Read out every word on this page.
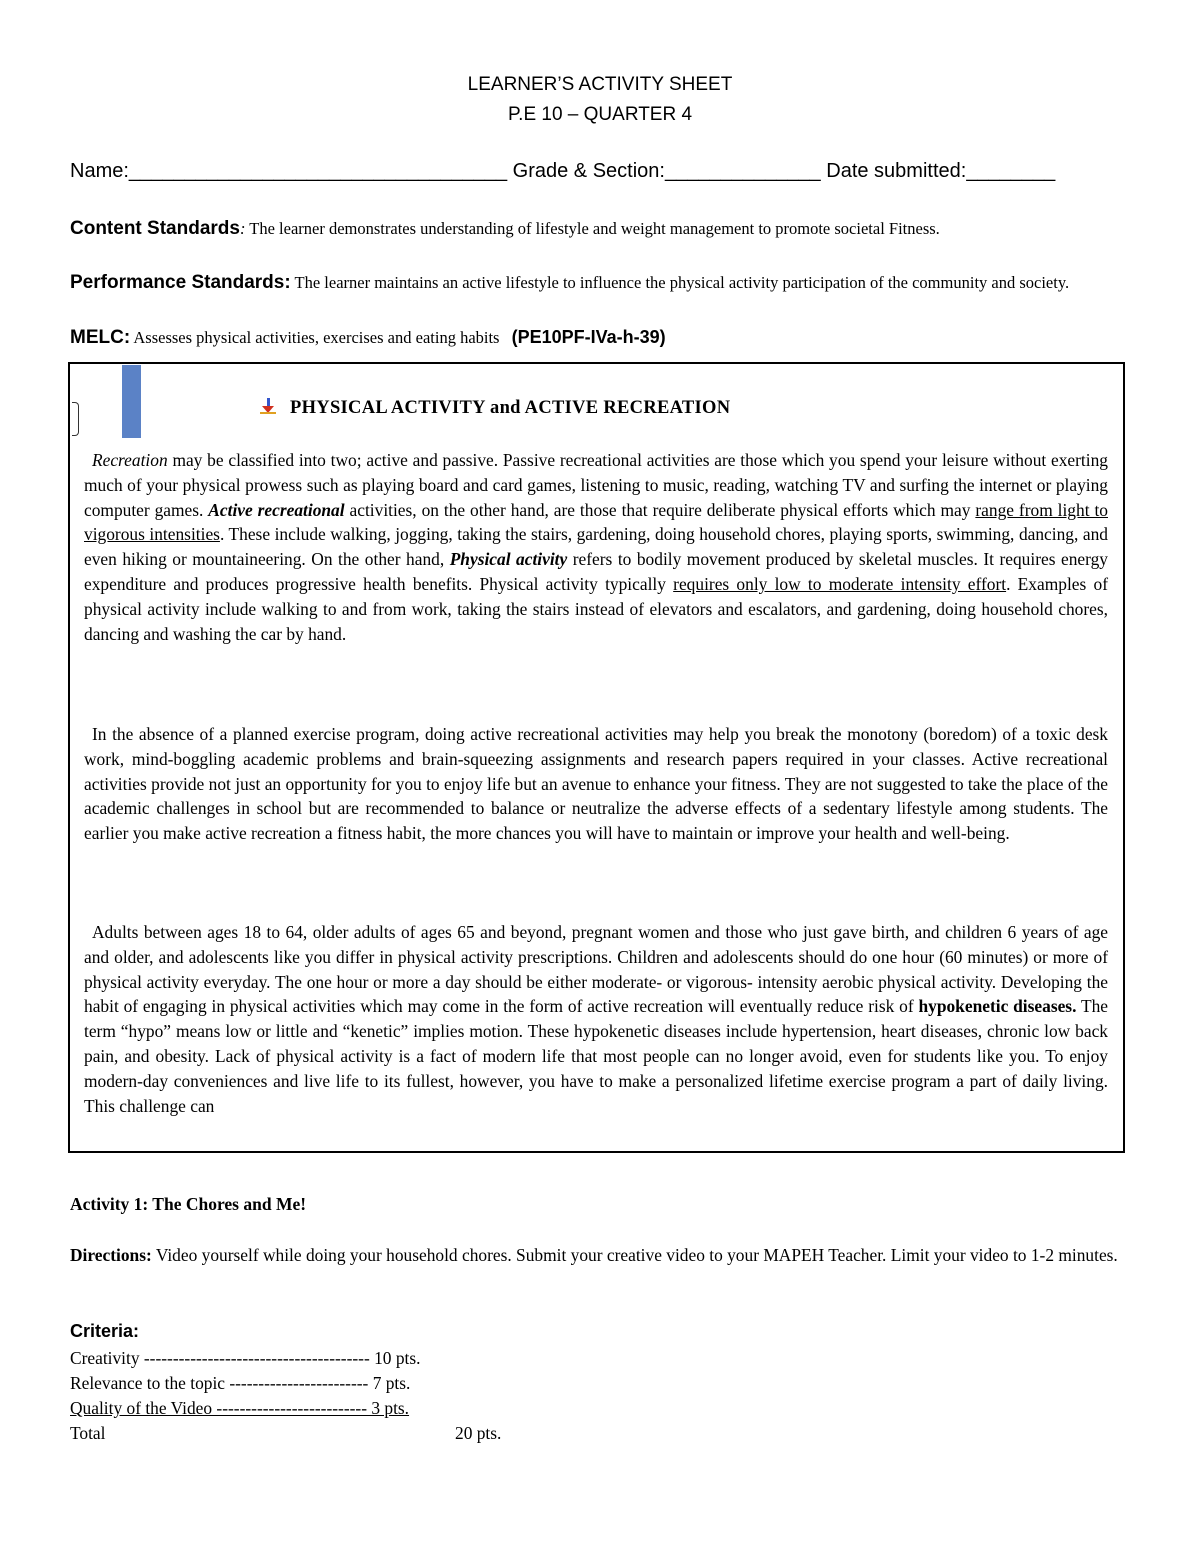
LEARNER’S ACTIVITY SHEET
P.E 10 – QUARTER 4
Name:__________________________________ Grade & Section:______________ Date submitted:________
Content Standards: The learner demonstrates understanding of lifestyle and weight management to promote societal Fitness.
Performance Standards: The learner maintains an active lifestyle to influence the physical activity participation of the community and society.
MELC: Assesses physical activities, exercises and eating habits (PE10PF-IVa-h-39)
PHYSICAL ACTIVITY and ACTIVE RECREATION

Recreation may be classified into two; active and passive. Passive recreational activities are those which you spend your leisure without exerting much of your physical prowess such as playing board and card games, listening to music, reading, watching TV and surfing the internet or playing computer games. Active recreational activities, on the other hand, are those that require deliberate physical efforts which may range from light to vigorous intensities. These include walking, jogging, taking the stairs, gardening, doing household chores, playing sports, swimming, dancing, and even hiking or mountaineering. On the other hand, Physical activity refers to bodily movement produced by skeletal muscles. It requires energy expenditure and produces progressive health benefits. Physical activity typically requires only low to moderate intensity effort. Examples of physical activity include walking to and from work, taking the stairs instead of elevators and escalators, and gardening, doing household chores, dancing and washing the car by hand.

In the absence of a planned exercise program, doing active recreational activities may help you break the monotony (boredom) of a toxic desk work, mind-boggling academic problems and brain-squeezing assignments and research papers required in your classes. Active recreational activities provide not just an opportunity for you to enjoy life but an avenue to enhance your fitness. They are not suggested to take the place of the academic challenges in school but are recommended to balance or neutralize the adverse effects of a sedentary lifestyle among students. The earlier you make active recreation a fitness habit, the more chances you will have to maintain or improve your health and well-being.

Adults between ages 18 to 64, older adults of ages 65 and beyond, pregnant women and those who just gave birth, and children 6 years of age and older, and adolescents like you differ in physical activity prescriptions. Children and adolescents should do one hour (60 minutes) or more of physical activity everyday. The one hour or more a day should be either moderate- or vigorous- intensity aerobic physical activity. Developing the habit of engaging in physical activities which may come in the form of active recreation will eventually reduce risk of hypokenetic diseases. The term “hypo” means low or little and “kenetic” implies motion. These hypokenetic diseases include hypertension, heart diseases, chronic low back pain, and obesity. Lack of physical activity is a fact of modern life that most people can no longer avoid, even for students like you. To enjoy modern-day conveniences and live life to its fullest, however, you have to make a personalized lifetime exercise program a part of daily living. This challenge can

Activity 1: The Chores and Me!
Directions: Video yourself while doing your household chores. Submit your creative video to your MAPEH Teacher. Limit your video to 1-2 minutes.
Criteria:
Creativity --------------------------------------- 10 pts.
Relevance to the topic ------------------------ 7 pts.
Quality of the Video -------------------------- 3 pts.
Total	20 pts.
